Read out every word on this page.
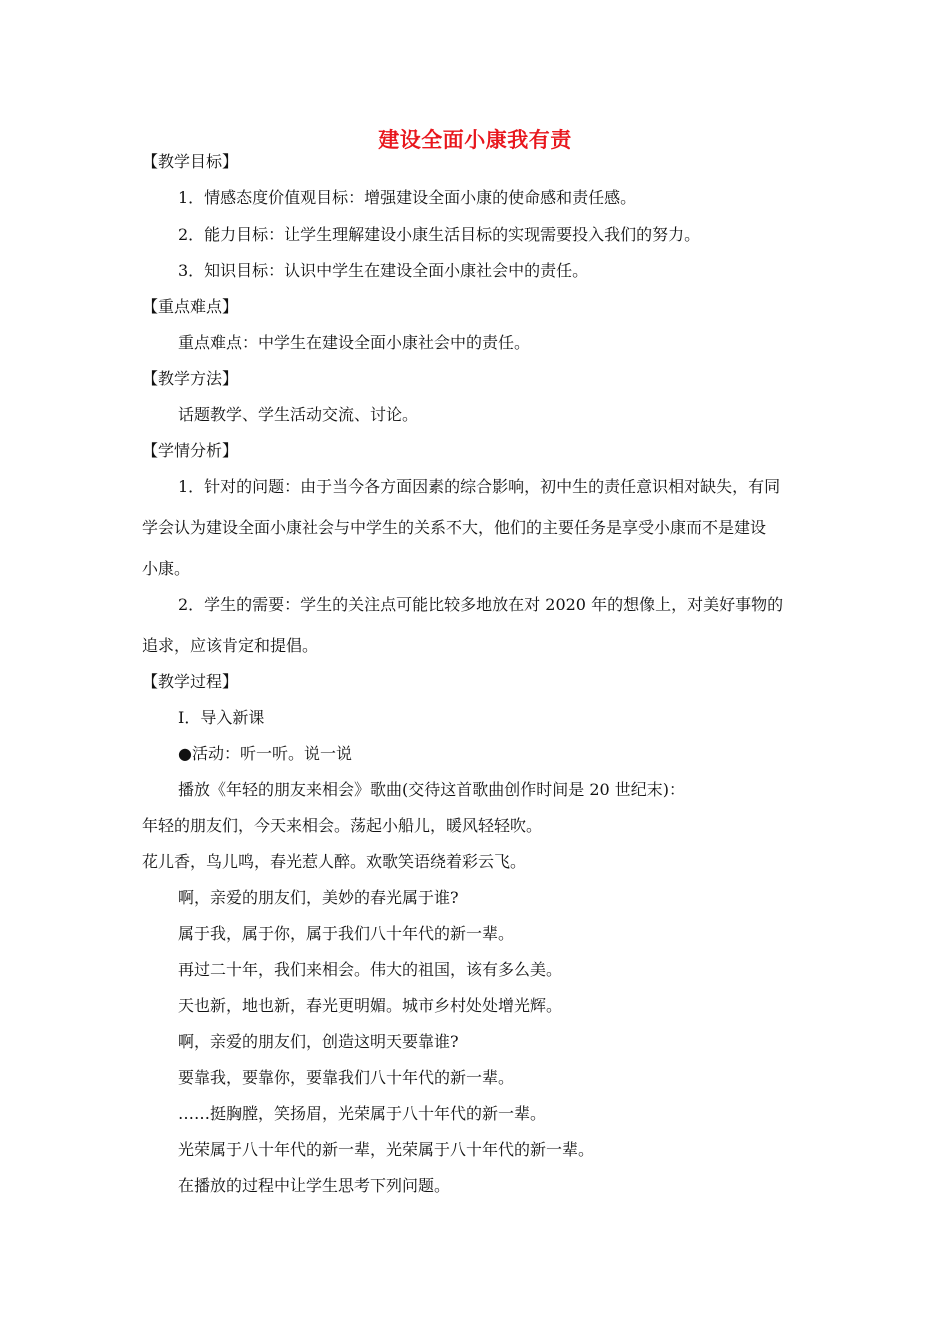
建设全面小康我有责
【教学目标】
1．情感态度价值观目标：增强建设全面小康的使命感和责任感。
2．能力目标：让学生理解建设小康生活目标的实现需要投入我们的努力。
3．知识目标：认识中学生在建设全面小康社会中的责任。
【重点难点】
重点难点：中学生在建设全面小康社会中的责任。
【教学方法】
话题教学、学生活动交流、讨论。
【学情分析】
1．针对的问题：由于当今各方面因素的综合影响，初中生的责任意识相对缺失，有同
学会认为建设全面小康社会与中学生的关系不大，他们的主要任务是享受小康而不是建设
小康。
2．学生的需要：学生的关注点可能比较多地放在对 2020 年的想像上，对美好事物的
追求，应该肯定和提倡。
【教学过程】
Ⅰ．导入新课
●活动：听一听。说一说
播放《年轻的朋友来相会》歌曲(交待这首歌曲创作时间是 20 世纪末)：
年轻的朋友们，今天来相会。荡起小船儿，暖风轻轻吹。
花儿香，鸟儿鸣，春光惹人醉。欢歌笑语绕着彩云飞。
啊，亲爱的朋友们，美妙的春光属于谁?
属于我，属于你，属于我们八十年代的新一辈。
再过二十年，我们来相会。伟大的祖国，该有多么美。
天也新，地也新，春光更明媚。城市乡村处处增光辉。
啊，亲爱的朋友们，创造这明天要靠谁?
要靠我，要靠你，要靠我们八十年代的新一辈。
……挺胸膛，笑扬眉，光荣属于八十年代的新一辈。
光荣属于八十年代的新一辈，光荣属于八十年代的新一辈。
在播放的过程中让学生思考下列问题。
